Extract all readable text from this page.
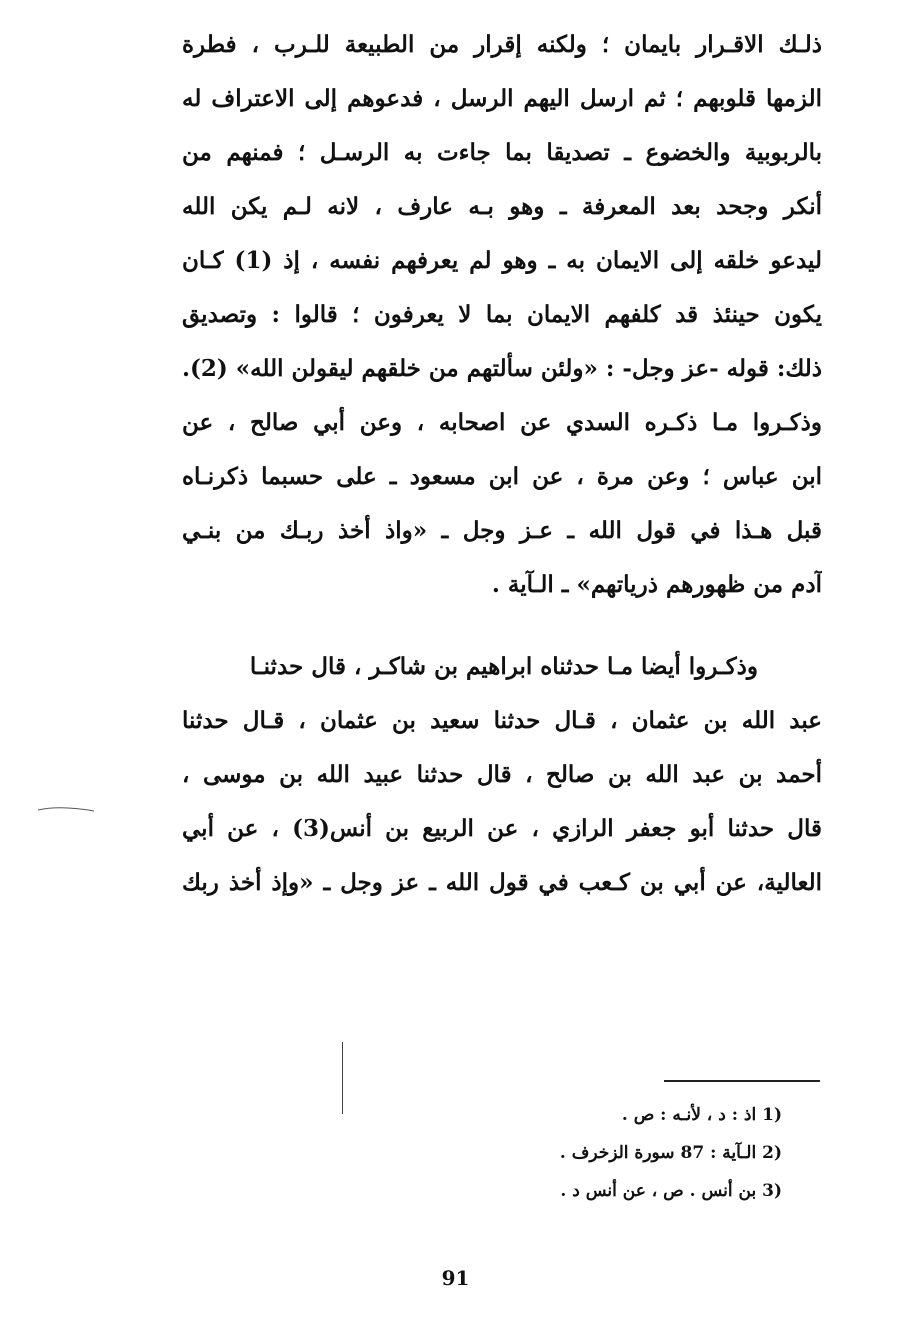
ذلـك الاقـرار بايمان ؛ ولكنه إقرار من الطبيعة للـرب ، فطرة
الزمها قلوبهم ؛ ثم ارسل اليهم الرسل ، فدعوهم إلى الاعتراف له
بالربوبية والخضوع ـ تصديقا بما جاءت به الرسـل ؛ فمنهم من
أنكر وجحد بعد المعرفة ـ وهو بـه عارف ، لانه لـم يكن الله
ليدعو خلقه إلى الايمان به ـ وهو لم يعرفهم نفسه ، إذ (1) كـان
يكون حينئذ قد كلفهم الايمان بما لا يعرفون ؛ قالوا : وتصديق
ذلك: قوله -عز وجل- : «ولئن سألتهم من خلقهم ليقولن الله» (2).
وذكـروا مـا ذكـره السدي عن اصحابه ، وعن أبي صالح ، عن
ابن عباس ؛ وعن مرة ، عن ابن مسعود ـ على حسبما ذكرنـاه
قبل هـذا في قول الله ـ عـز وجل ـ «واذ أخذ ربـك من بنـي
آدم من ظهورهم ذرياتهم» ـ الـآية .
وذكـروا أيضا مـا حدثناه ابراهيم بن شاكـر ، قال حدثنـا
عبد الله بن عثمان ، قـال حدثنا سعيد بن عثمان ، قـال حدثنا
أحمد بن عبد الله بن صالح ، قال حدثنا عبيد الله بن موسى ،
قال حدثنا أبو جعفر الرازي ، عن الربيع بن أنس(3) ، عن أبي
العالية، عن أبي بن كـعب في قول الله ـ عز وجل ـ «وإذ أخذ ربك
(1 اذ : د ، لأنـه : ص .
(2 الـآية : 87 سورة الزخرف .
(3 بن أنس . ص ، عن أنس د .
91
